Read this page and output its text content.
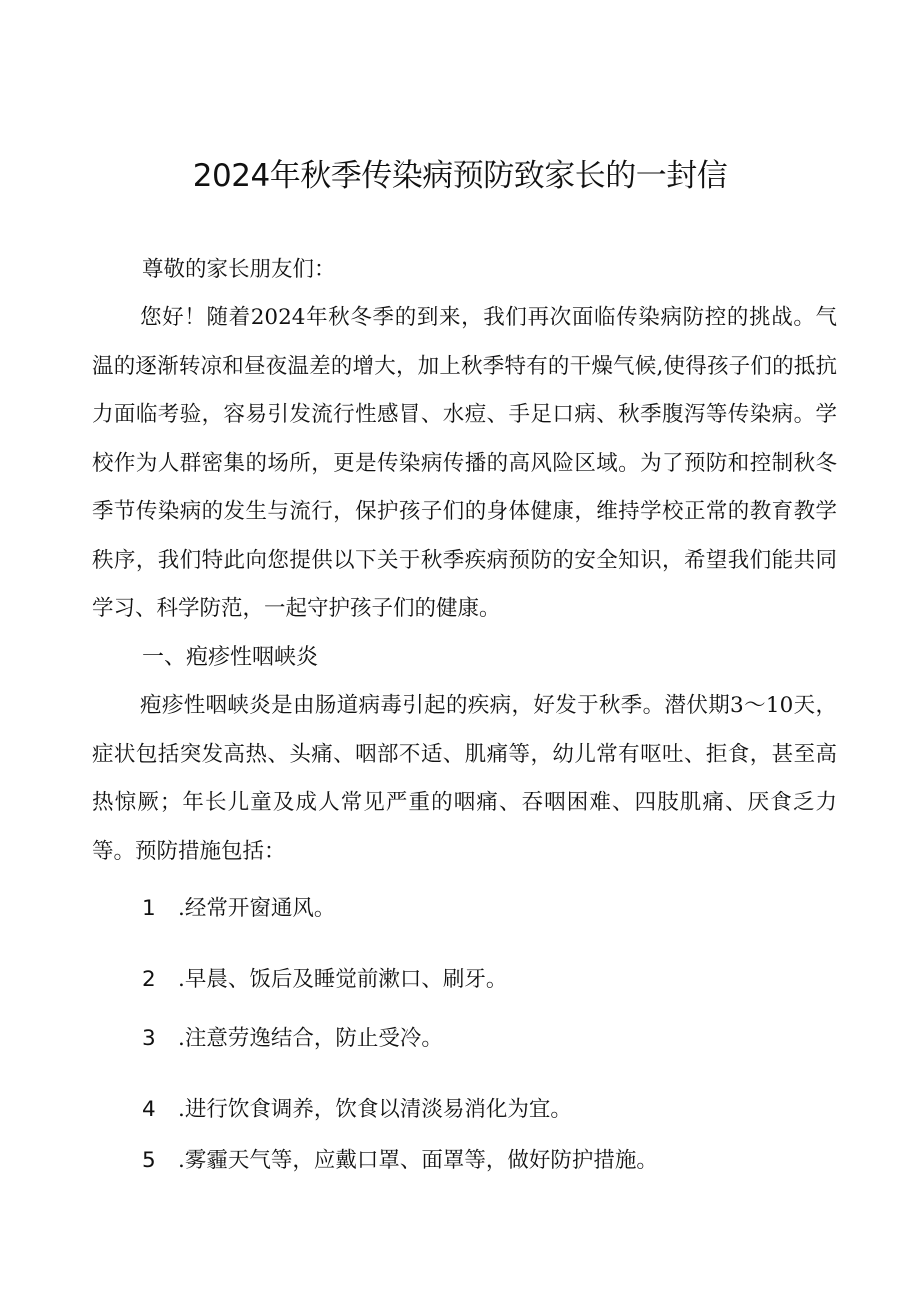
2024年秋季传染病预防致家长的一封信

尊敬的家长朋友们：

您好！随着2024年秋冬季的到来，我们再次面临传染病防控的挑战。气温的逐渐转凉和昼夜温差的增大，加上秋季特有的干燥气候,使得孩子们的抵抗力面临考验，容易引发流行性感冒、水痘、手足口病、秋季腹泻等传染病。学校作为人群密集的场所，更是传染病传播的高风险区域。为了预防和控制秋冬季节传染病的发生与流行，保护孩子们的身体健康，维持学校正常的教育教学秩序，我们特此向您提供以下关于秋季疾病预防的安全知识，希望我们能共同学习、科学防范，一起守护孩子们的健康。

一、疱疹性咽峡炎

疱疹性咽峡炎是由肠道病毒引起的疾病，好发于秋季。潜伏期3〜10天，症状包括突发高热、头痛、咽部不适、肌痛等，幼儿常有呕吐、拒食，甚至高热惊厥；年长儿童及成人常见严重的咽痛、吞咽困难、四肢肌痛、厌食乏力等。预防措施包括：

1 .经常开窗通风。
2 .早晨、饭后及睡觉前漱口、刷牙。
3 .注意劳逸结合，防止受冷。
4 .进行饮食调养，饮食以清淡易消化为宜。
5 .雾霾天气等，应戴口罩、面罩等，做好防护措施。
